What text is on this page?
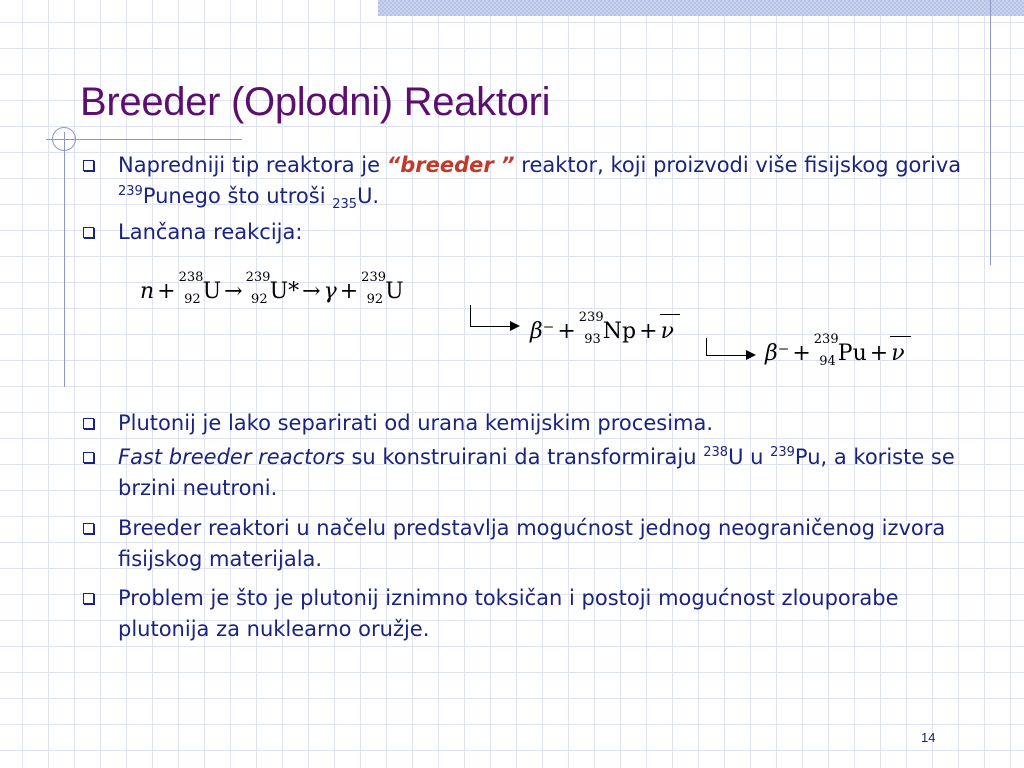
Breeder (Oplodni) Reaktori

Napredniji tip reaktora je “breeder ” reaktor, koji proizvodi više fisijskog goriva $^{239}$Punego što utroši $_{235}$U.

Lančana reakcija:

Plutonij je lako separirati od urana kemijskim procesima.

Fast breeder reactors su konstruirani da transformiraju $^{238}$U u $^{239}$Pu, a koriste se brzini neutroni.

Breeder reaktori u načelu predstavlja mogućnost jednog neograničenog izvora fisijskog materijala.

Problem je što je plutonij iznimno toksičan i postoji mogućnost zlouporabe plutonija za nuklearno oružje.

n +
238
92 U →
239
92 U* → γ +
239
92 U
β⁻ +
239
93 Np + ν
β⁻ +
239
94 Pu + ν
14
